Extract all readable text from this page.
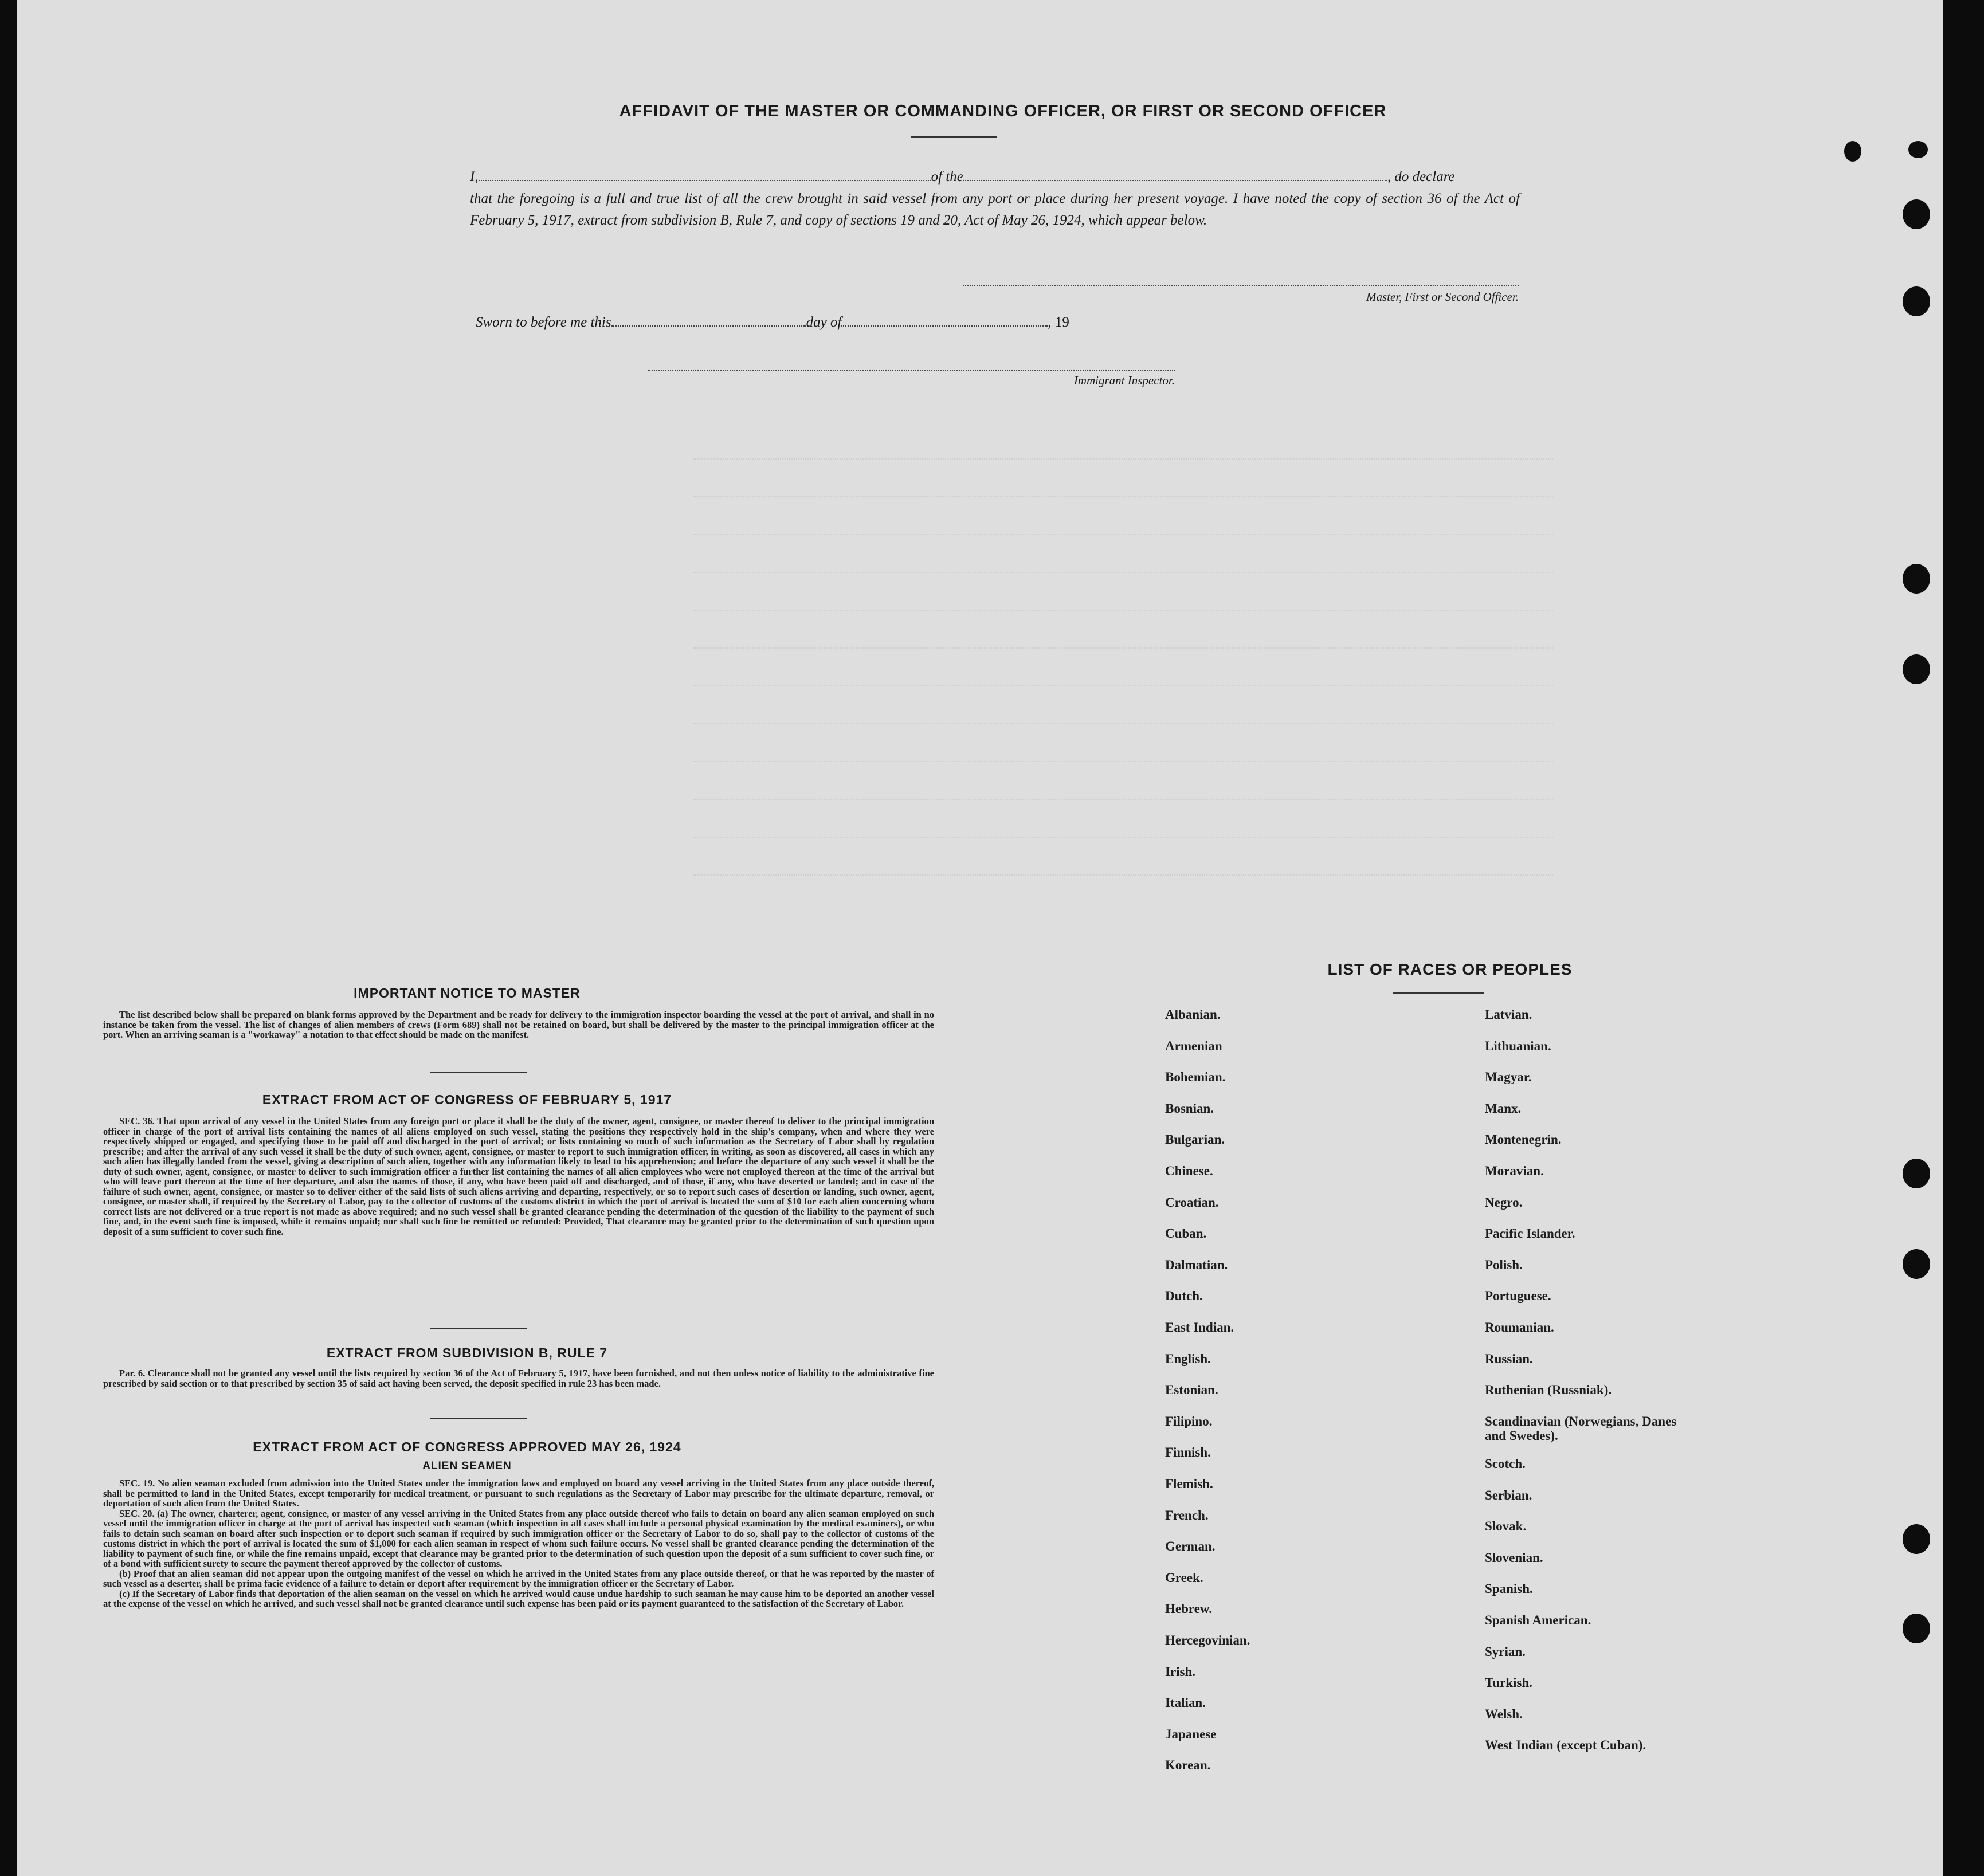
AFFIDAVIT OF THE MASTER OR COMMANDING OFFICER, OR FIRST OR SECOND OFFICER
I,	of the	, do declare
that the foregoing is a full and true list of all the crew brought in said vessel from any port or place during her present voyage. I have noted the copy of section 36 of the Act of February 5, 1917, extract from subdivision B, Rule 7, and copy of sections 19 and 20, Act of May 26, 1924, which appear below.
Master, First or Second Officer.
Sworn to before me this	day of	, 19
Immigrant Inspector.
IMPORTANT NOTICE TO MASTER

The list described below shall be prepared on blank forms approved by the Department and be ready for delivery to the immigration inspector boarding the vessel at the port of arrival, and shall in no instance be taken from the vessel. The list of changes of alien members of crews (Form 689) shall not be retained on board, but shall be delivered by the master to the principal immigration officer at the port. When an arriving seaman is a "workaway" a notation to that effect should be made on the manifest.

EXTRACT FROM ACT OF CONGRESS OF FEBRUARY 5, 1917

SEC. 36. That upon arrival of any vessel in the United States from any foreign port or place it shall be the duty of the owner, agent, consignee, or master thereof to deliver to the principal immigration officer in charge of the port of arrival lists containing the names of all aliens employed on such vessel, stating the positions they respectively hold in the ship's company, when and where they were respectively shipped or engaged, and specifying those to be paid off and discharged in the port of arrival; or lists containing so much of such information as the Secretary of Labor shall by regulation prescribe; and after the arrival of any such vessel it shall be the duty of such owner, agent, consignee, or master to report to such immigration officer, in writing, as soon as discovered, all cases in which any such alien has illegally landed from the vessel, giving a description of such alien, together with any information likely to lead to his apprehension; and before the departure of any such vessel it shall be the duty of such owner, agent, consignee, or master to deliver to such immigration officer a further list containing the names of all alien employees who were not employed thereon at the time of the arrival but who will leave port thereon at the time of her departure, and also the names of those, if any, who have been paid off and discharged, and of those, if any, who have deserted or landed; and in case of the failure of such owner, agent, consignee, or master so to deliver either of the said lists of such aliens arriving and departing, respectively, or so to report such cases of desertion or landing, such owner, agent, consignee, or master shall, if required by the Secretary of Labor, pay to the collector of customs of the customs district in which the port of arrival is located the sum of $10 for each alien concerning whom correct lists are not delivered or a true report is not made as above required; and no such vessel shall be granted clearance pending the determination of the question of the liability to the payment of such fine, and, in the event such fine is imposed, while it remains unpaid; nor shall such fine be remitted or refunded: Provided, That clearance may be granted prior to the determination of such question upon deposit of a sum sufficient to cover such fine.

EXTRACT FROM SUBDIVISION B, RULE 7

Par. 6. Clearance shall not be granted any vessel until the lists required by section 36 of the Act of February 5, 1917, have been furnished, and not then unless notice of liability to the administrative fine prescribed by said section or to that prescribed by section 35 of said act having been served, the deposit specified in rule 23 has been made.

EXTRACT FROM ACT OF CONGRESS APPROVED MAY 26, 1924
ALIEN SEAMEN

SEC. 19. No alien seaman excluded from admission into the United States under the immigration laws and employed on board any vessel arriving in the United States from any place outside thereof, shall be permitted to land in the United States, except temporarily for medical treatment, or pursuant to such regulations as the Secretary of Labor may prescribe for the ultimate departure, removal, or deportation of such alien from the United States.

SEC. 20. (a) The owner, charterer, agent, consignee, or master of any vessel arriving in the United States from any place outside thereof who fails to detain on board any alien seaman employed on such vessel until the immigration officer in charge at the port of arrival has inspected such seaman (which inspection in all cases shall include a personal physical examination by the medical examiners), or who fails to detain such seaman on board after such inspection or to deport such seaman if required by such immigration officer or the Secretary of Labor to do so, shall pay to the collector of customs of the customs district in which the port of arrival is located the sum of $1,000 for each alien seaman in respect of whom such failure occurs. No vessel shall be granted clearance pending the determination of the liability to payment of such fine, or while the fine remains unpaid, except that clearance may be granted prior to the determination of such question upon the deposit of a sum sufficient to cover such fine, or of a bond with sufficient surety to secure the payment thereof approved by the collector of customs.

(b) Proof that an alien seaman did not appear upon the outgoing manifest of the vessel on which he arrived in the United States from any place outside thereof, or that he was reported by the master of such vessel as a deserter, shall be prima facie evidence of a failure to detain or deport after requirement by the immigration officer or the Secretary of Labor.

(c) If the Secretary of Labor finds that deportation of the alien seaman on the vessel on which he arrived would cause undue hardship to such seaman he may cause him to be deported an another vessel at the expense of the vessel on which he arrived, and such vessel shall not be granted clearance until such expense has been paid or its payment guaranteed to the satisfaction of the Secretary of Labor.

LIST OF RACES OR PEOPLES
Albanian.
Armenian
Bohemian.
Bosnian.
Bulgarian.
Chinese.
Croatian.
Cuban.
Dalmatian.
Dutch.
East Indian.
English.
Estonian.
Filipino.
Finnish.
Flemish.
French.
German.
Greek.
Hebrew.
Hercegovinian.
Irish.
Italian.
Japanese
Korean.
Latvian.
Lithuanian.
Magyar.
Manx.
Montenegrin.
Moravian.
Negro.
Pacific Islander.
Polish.
Portuguese.
Roumanian.
Russian.
Ruthenian (Russniak).
Scandinavian (Norwegians, Danes and Swedes).
Scotch.
Serbian.
Slovak.
Slovenian.
Spanish.
Spanish American.
Syrian.
Turkish.
Welsh.
West Indian (except Cuban).
